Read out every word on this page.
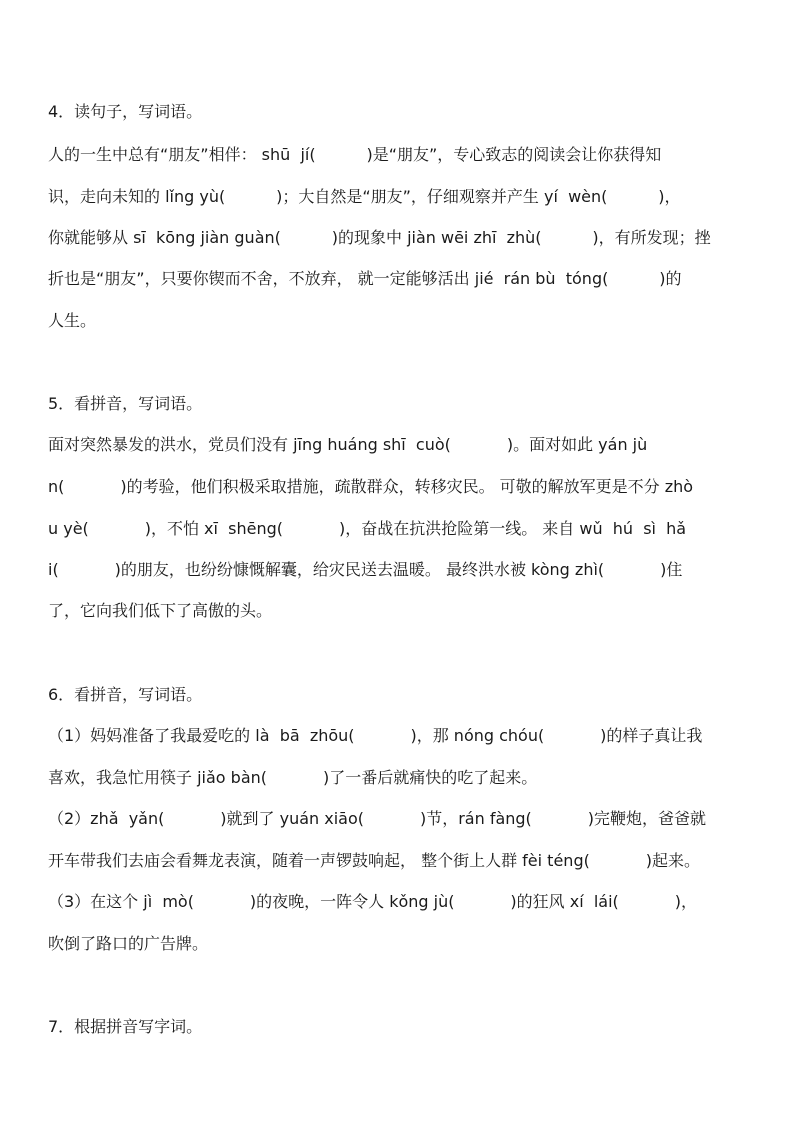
4．读句子，写词语。
人的一生中总有“朋友”相伴： shū  jí(          )是“朋友”，专心致志的阅读会让你获得知
识，走向未知的 lǐng yù(          )；大自然是“朋友”，仔细观察并产生 yí  wèn(          )，
你就能够从 sī  kōng jiàn guàn(          )的现象中 jiàn wēi zhī  zhù(          )，有所发现；挫
折也是“朋友”，只要你锲而不舍，不放弃， 就一定能够活出 jié  rán bù  tóng(          )的
人生。
5．看拼音，写词语。
面对突然暴发的洪水，党员们没有 jīng huáng shī  cuò(           )。面对如此 yán jù
n(           )的考验，他们积极采取措施，疏散群众，转移灾民。 可敬的解放军更是不分 zhò
u yè(           )，不怕 xī  shēng(           )，奋战在抗洪抢险第一线。 来自 wǔ  hú  sì  hǎ
i(           )的朋友，也纷纷慷慨解囊，给灾民送去温暖。 最终洪水被 kòng zhì(           )住
了，它向我们低下了高傲的头。
6．看拼音，写词语。
（1）妈妈准备了我最爱吃的 là  bā  zhōu(           )，那 nóng chóu(           )的样子真让我
喜欢，我急忙用筷子 jiǎo bàn(           )了一番后就痛快的吃了起来。
（2）zhǎ  yǎn(           )就到了 yuán xiāo(           )节，rán fàng(           )完鞭炮，爸爸就
开车带我们去庙会看舞龙表演，随着一声锣鼓响起， 整个街上人群 fèi téng(           )起来。
（3）在这个 jì  mò(           )的夜晚，一阵令人 kǒng jù(           )的狂风 xí  lái(           )，
吹倒了路口的广告牌。
7．根据拼音写字词。
